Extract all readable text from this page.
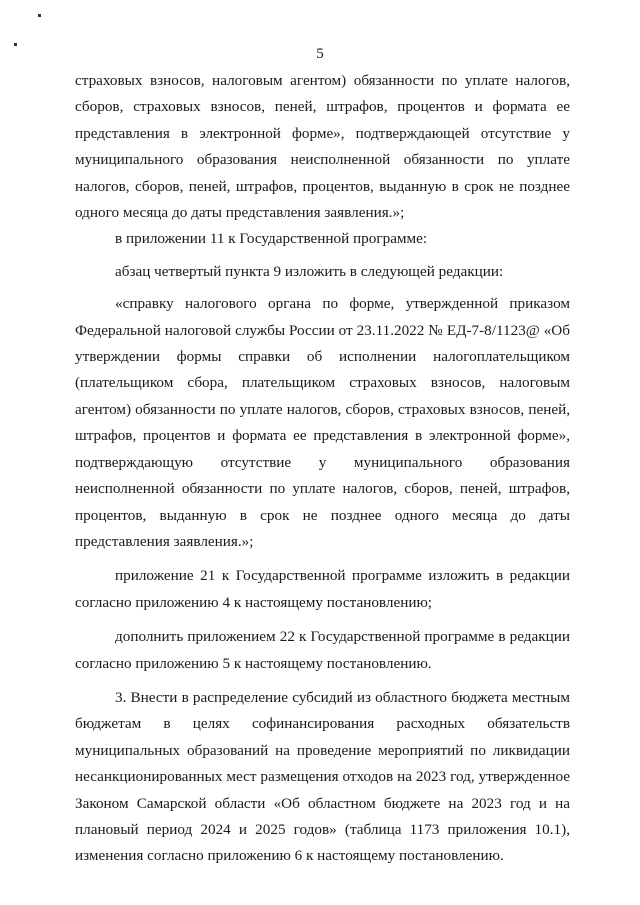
5

страховых взносов, налоговым агентом) обязанности по уплате налогов, сборов, страховых взносов, пеней, штрафов, процентов и формата ее представления в электронной форме», подтверждающей отсутствие у муниципального образования неисполненной обязанности по уплате налогов, сборов, пеней, штрафов, процентов, выданную в срок не позднее одного месяца до даты представления заявления.»;

в приложении 11 к Государственной программе:

абзац четвертый пункта 9 изложить в следующей редакции:

«справку налогового органа по форме, утвержденной приказом Федеральной налоговой службы России от 23.11.2022 № ЕД-7-8/1123@ «Об утверждении формы справки об исполнении налогоплательщиком (плательщиком сбора, плательщиком страховых взносов, налоговым агентом) обязанности по уплате налогов, сборов, страховых взносов, пеней, штрафов, процентов и формата ее представления в электронной форме», подтверждающую отсутствие у муниципального образования неисполненной обязанности по уплате налогов, сборов, пеней, штрафов, процентов, выданную в срок не позднее одного месяца до даты представления заявления.»;

приложение 21 к Государственной программе изложить в редакции согласно приложению 4 к настоящему постановлению;

дополнить приложением 22 к Государственной программе в редакции согласно приложению 5 к настоящему постановлению.

3. Внести в распределение субсидий из областного бюджета местным бюджетам в целях софинансирования расходных обязательств муниципальных образований на проведение мероприятий по ликвидации несанкционированных мест размещения отходов на 2023 год, утвержденное Законом Самарской области «Об областном бюджете на 2023 год и на плановый период 2024 и 2025 годов» (таблица 1173 приложения 10.1), изменения согласно приложению 6 к настоящему постановлению.
